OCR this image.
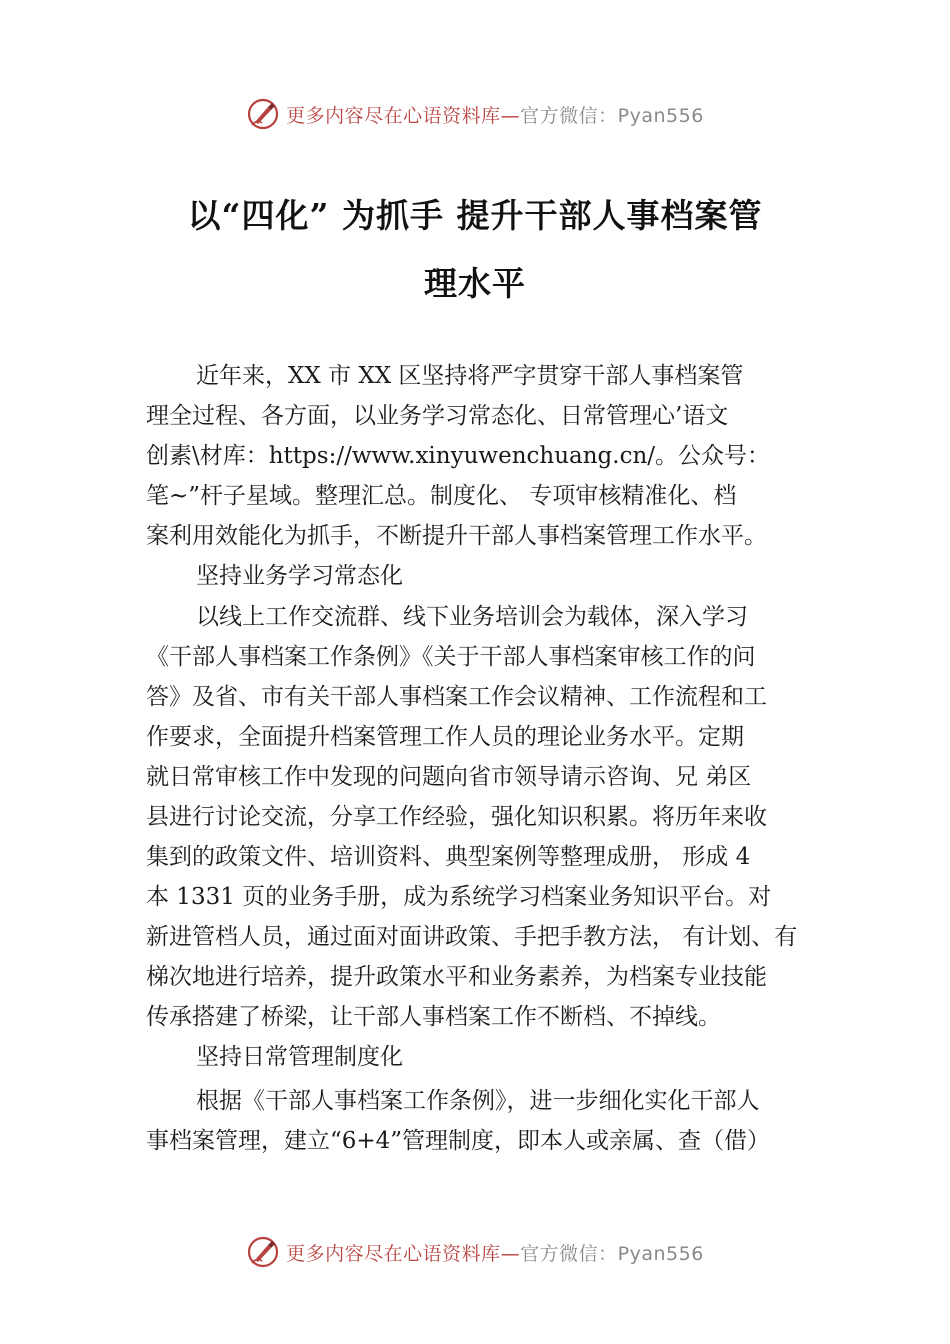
更多内容尽在心语资料库—官方微信：Pyan556
以“四化” 为抓手 提升干部人事档案管
理水平
近年来，XX 市 XX 区坚持将严字贯穿干部人事档案管
理全过程、各方面，以业务学习常态化、日常管理心’语文
创素\材库：https://www.xinyuwenchuang.cn/。公众号：
笔~”杆子星域。整理汇总。制度化、 专项审核精准化、档
案利用效能化为抓手，不断提升干部人事档案管理工作水平。
坚持业务学习常态化
以线上工作交流群、线下业务培训会为载体，深入学习
《干部人事档案工作条例》《关于干部人事档案审核工作的问
答》及省、市有关干部人事档案工作会议精神、工作流程和工
作要求，全面提升档案管理工作人员的理论业务水平。定期
就日常审核工作中发现的问题向省市领导请示咨询、兄 弟区
县进行讨论交流，分享工作经验，强化知识积累。将历年来收
集到的政策文件、培训资料、典型案例等整理成册， 形成 4
本 1331 页的业务手册，成为系统学习档案业务知识平台。对
新进管档人员，通过面对面讲政策、手把手教方法， 有计划、有
梯次地进行培养，提升政策水平和业务素养，为档案专业技能
传承搭建了桥梁，让干部人事档案工作不断档、不掉线。
坚持日常管理制度化
根据《干部人事档案工作条例》，进一步细化实化干部人
事档案管理，建立“6+4”管理制度，即本人或亲属、查（借）
更多内容尽在心语资料库—官方微信：Pyan556
